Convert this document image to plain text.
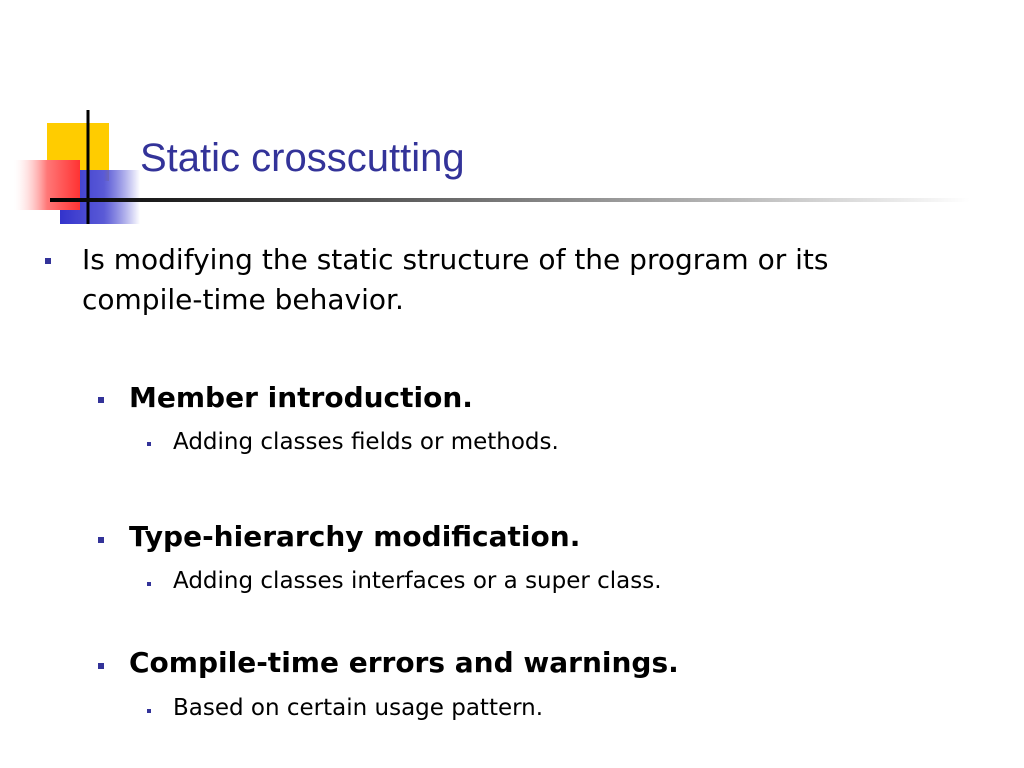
Static crosscutting
Is modifying the static structure of the program or its
compile-time behavior.
Member introduction.
Adding classes fields or methods.
Type-hierarchy modification.
Adding classes interfaces or a super class.
Compile-time errors and warnings.
Based on certain usage pattern.
